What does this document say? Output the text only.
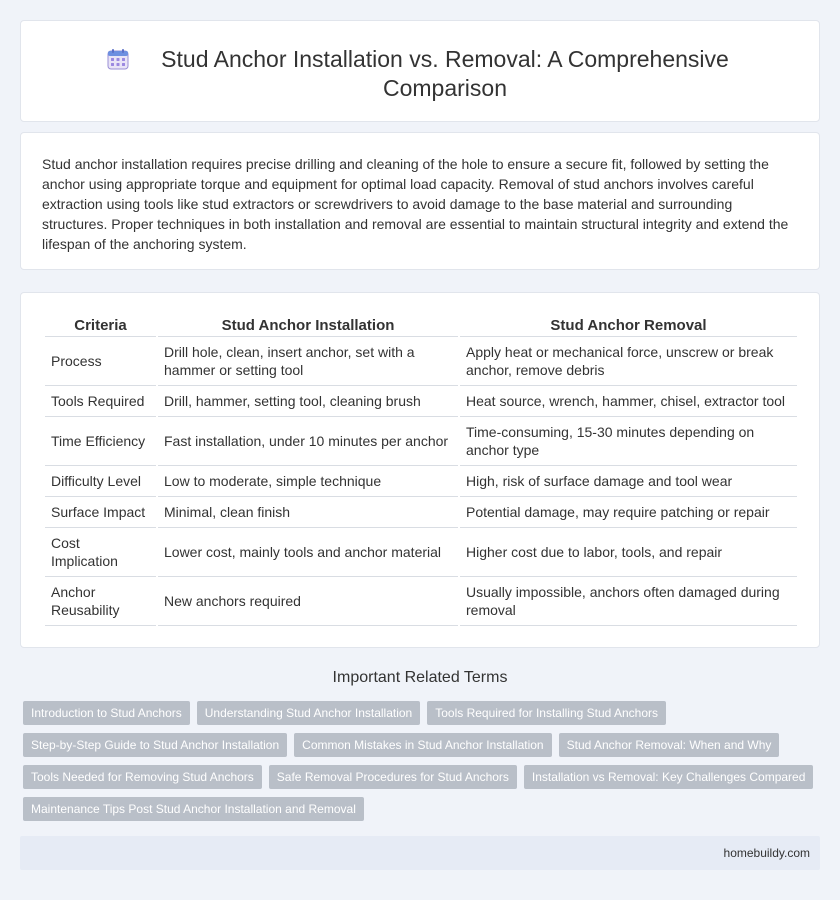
Stud Anchor Installation vs. Removal: A Comprehensive Comparison

Stud anchor installation requires precise drilling and cleaning of the hole to ensure a secure fit, followed by setting the anchor using appropriate torque and equipment for optimal load capacity. Removal of stud anchors involves careful extraction using tools like stud extractors or screwdrivers to avoid damage to the base material and surrounding structures. Proper techniques in both installation and removal are essential to maintain structural integrity and extend the lifespan of the anchoring system.

Criteria	Stud Anchor Installation	Stud Anchor Removal
Process	Drill hole, clean, insert anchor, set with a hammer or setting tool	Apply heat or mechanical force, unscrew or break anchor, remove debris
Tools Required	Drill, hammer, setting tool, cleaning brush	Heat source, wrench, hammer, chisel, extractor tool
Time Efficiency	Fast installation, under 10 minutes per anchor	Time-consuming, 15-30 minutes depending on anchor type
Difficulty Level	Low to moderate, simple technique	High, risk of surface damage and tool wear
Surface Impact	Minimal, clean finish	Potential damage, may require patching or repair
Cost Implication	Lower cost, mainly tools and anchor material	Higher cost due to labor, tools, and repair
Anchor Reusability	New anchors required	Usually impossible, anchors often damaged during removal
Important Related Terms
Introduction to Stud Anchors	Understanding Stud Anchor Installation	Tools Required for Installing Stud Anchors
Step-by-Step Guide to Stud Anchor Installation	Common Mistakes in Stud Anchor Installation	Stud Anchor Removal: When and Why
Tools Needed for Removing Stud Anchors	Safe Removal Procedures for Stud Anchors	Installation vs Removal: Key Challenges Compared
Maintenance Tips Post Stud Anchor Installation and Removal
homebuildy.com
